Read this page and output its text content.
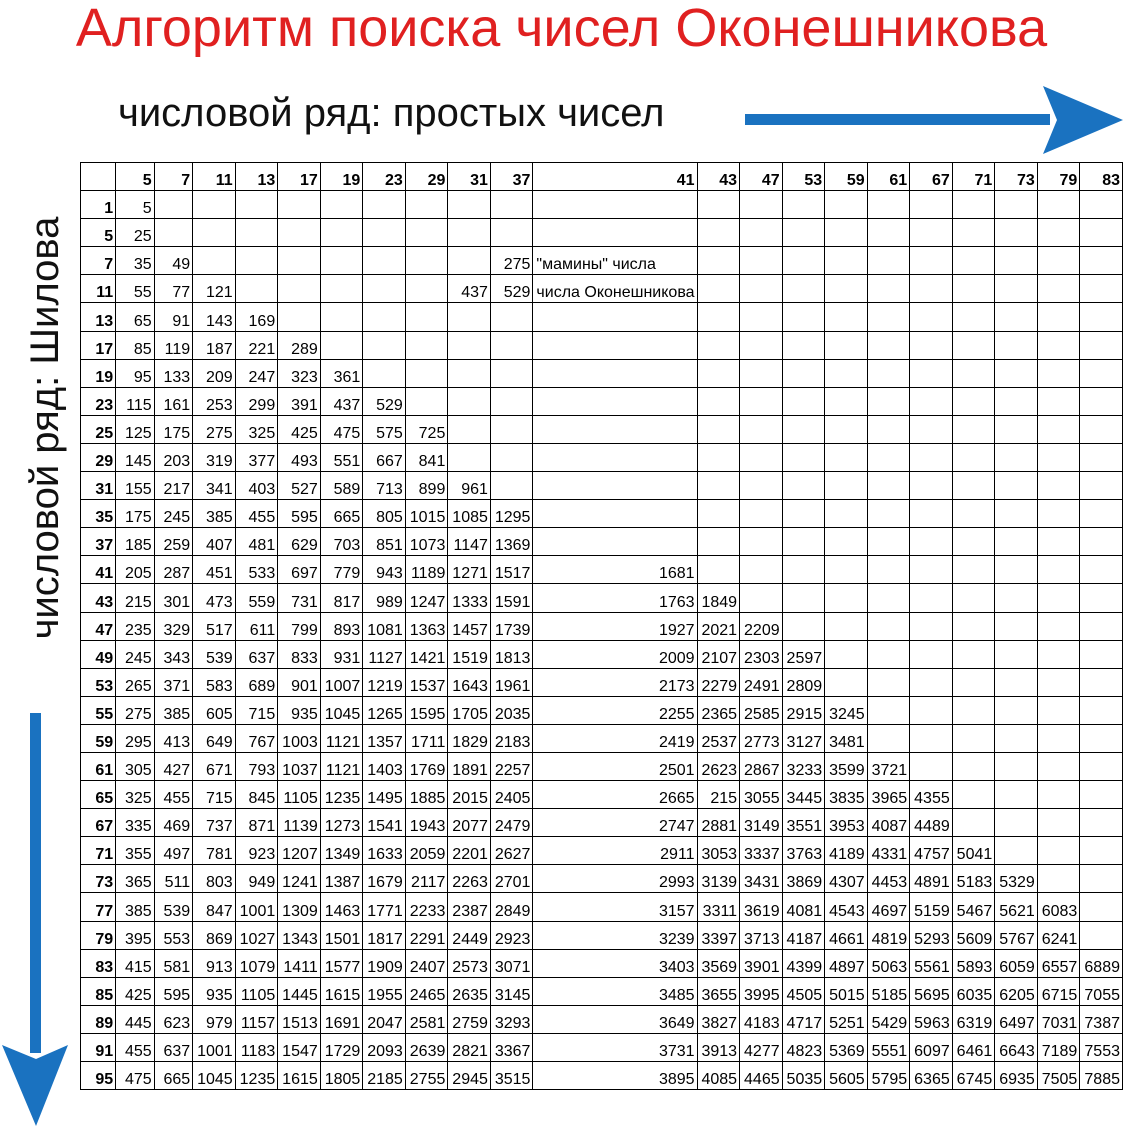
Алгоритм поиска чисел Оконешникова
числовой ряд: простых чисел
числовой ряд: Шилова
	5	7	11	13	17	19	23	29	31	37	41	43	47	53	59	61	67	71	73	79	83
1	5																				
5	25																				
7	35	49								275	"мамины" числа										

11	55	77	121						437	529	числа Оконешникова										

13	65	91	143	169																	
17	85	119	187	221	289																
19	95	133	209	247	323	361															
23	115	161	253	299	391	437	529														
25	125	175	275	325	425	475	575	725													
29	145	203	319	377	493	551	667	841													
31	155	217	341	403	527	589	713	899	961												
35	175	245	385	455	595	665	805	1015	1085	1295											
37	185	259	407	481	629	703	851	1073	1147	1369											
41	205	287	451	533	697	779	943	1189	1271	1517	1681										
43	215	301	473	559	731	817	989	1247	1333	1591	1763	1849									
47	235	329	517	611	799	893	1081	1363	1457	1739	1927	2021	2209								
49	245	343	539	637	833	931	1127	1421	1519	1813	2009	2107	2303	2597							
53	265	371	583	689	901	1007	1219	1537	1643	1961	2173	2279	2491	2809							
55	275	385	605	715	935	1045	1265	1595	1705	2035	2255	2365	2585	2915	3245						
59	295	413	649	767	1003	1121	1357	1711	1829	2183	2419	2537	2773	3127	3481						
61	305	427	671	793	1037	1121	1403	1769	1891	2257	2501	2623	2867	3233	3599	3721					
65	325	455	715	845	1105	1235	1495	1885	2015	2405	2665	215	3055	3445	3835	3965	4355				
67	335	469	737	871	1139	1273	1541	1943	2077	2479	2747	2881	3149	3551	3953	4087	4489				
71	355	497	781	923	1207	1349	1633	2059	2201	2627	2911	3053	3337	3763	4189	4331	4757	5041			
73	365	511	803	949	1241	1387	1679	2117	2263	2701	2993	3139	3431	3869	4307	4453	4891	5183	5329		
77	385	539	847	1001	1309	1463	1771	2233	2387	2849	3157	3311	3619	4081	4543	4697	5159	5467	5621	6083	
79	395	553	869	1027	1343	1501	1817	2291	2449	2923	3239	3397	3713	4187	4661	4819	5293	5609	5767	6241	
83	415	581	913	1079	1411	1577	1909	2407	2573	3071	3403	3569	3901	4399	4897	5063	5561	5893	6059	6557	6889
85	425	595	935	1105	1445	1615	1955	2465	2635	3145	3485	3655	3995	4505	5015	5185	5695	6035	6205	6715	7055
89	445	623	979	1157	1513	1691	2047	2581	2759	3293	3649	3827	4183	4717	5251	5429	5963	6319	6497	7031	7387
91	455	637	1001	1183	1547	1729	2093	2639	2821	3367	3731	3913	4277	4823	5369	5551	6097	6461	6643	7189	7553
95	475	665	1045	1235	1615	1805	2185	2755	2945	3515	3895	4085	4465	5035	5605	5795	6365	6745	6935	7505	7885
